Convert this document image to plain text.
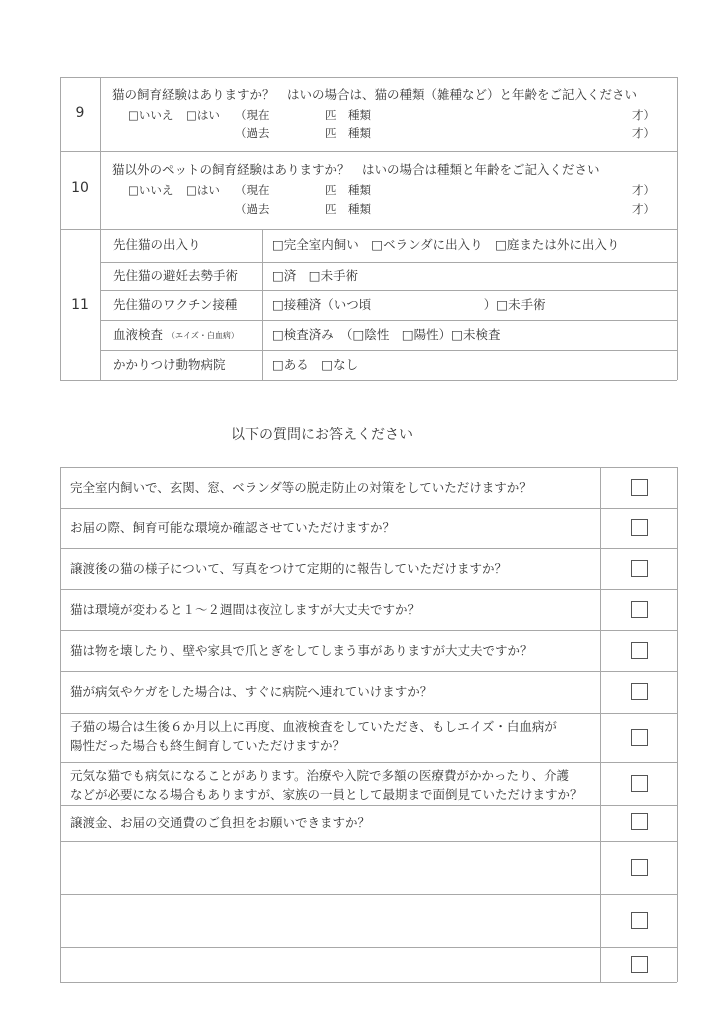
9
猫の飼育経験はありますか？　はいの場合は、猫の種類（雑種など）と年齢をご記入ください
□いいえ □はい （現在	匹 種類	才）
（過去	匹 種類	才）
10
猫以外のペットの飼育経験はありますか？　はいの場合は種類と年齢をご記入ください
□いいえ □はい （現在	匹 種類	才）
（過去	匹 種類	才）
11
先住猫の出入り	□完全室内飼い　□ベランダに出入り　□庭または外に出入り
先住猫の避妊去勢手術	□済　□未手術
先住猫のワクチン接種	□接種済（いつ頃　　　　　　　　　）□未手術
血液検査 （エイズ・白血病）	□検査済み　（□陰性　□陽性）□未検査
かかりつけ動物病院	□ある　□なし
以下の質問にお答えください
完全室内飼いで、玄関、窓、ベランダ等の脱走防止の対策をしていただけますか？
お届の際、飼育可能な環境か確認させていただけますか？
譲渡後の猫の様子について、写真をつけて定期的に報告していただけますか？
猫は環境が変わると１～２週間は夜泣しますが大丈夫ですか？
猫は物を壊したり、壁や家具で爪とぎをしてしまう事がありますが大丈夫ですか？
猫が病気やケガをした場合は、すぐに病院へ連れていけますか？
子猫の場合は生後６か月以上に再度、血液検査をしていただき、もしエイズ・白血病が
陽性だった場合も終生飼育していただけますか？
元気な猫でも病気になることがあります。治療や入院で多額の医療費がかかったり、介護
などが必要になる場合もありますが、家族の一員として最期まで面倒見ていただけますか？
譲渡金、お届の交通費のご負担をお願いできますか？
